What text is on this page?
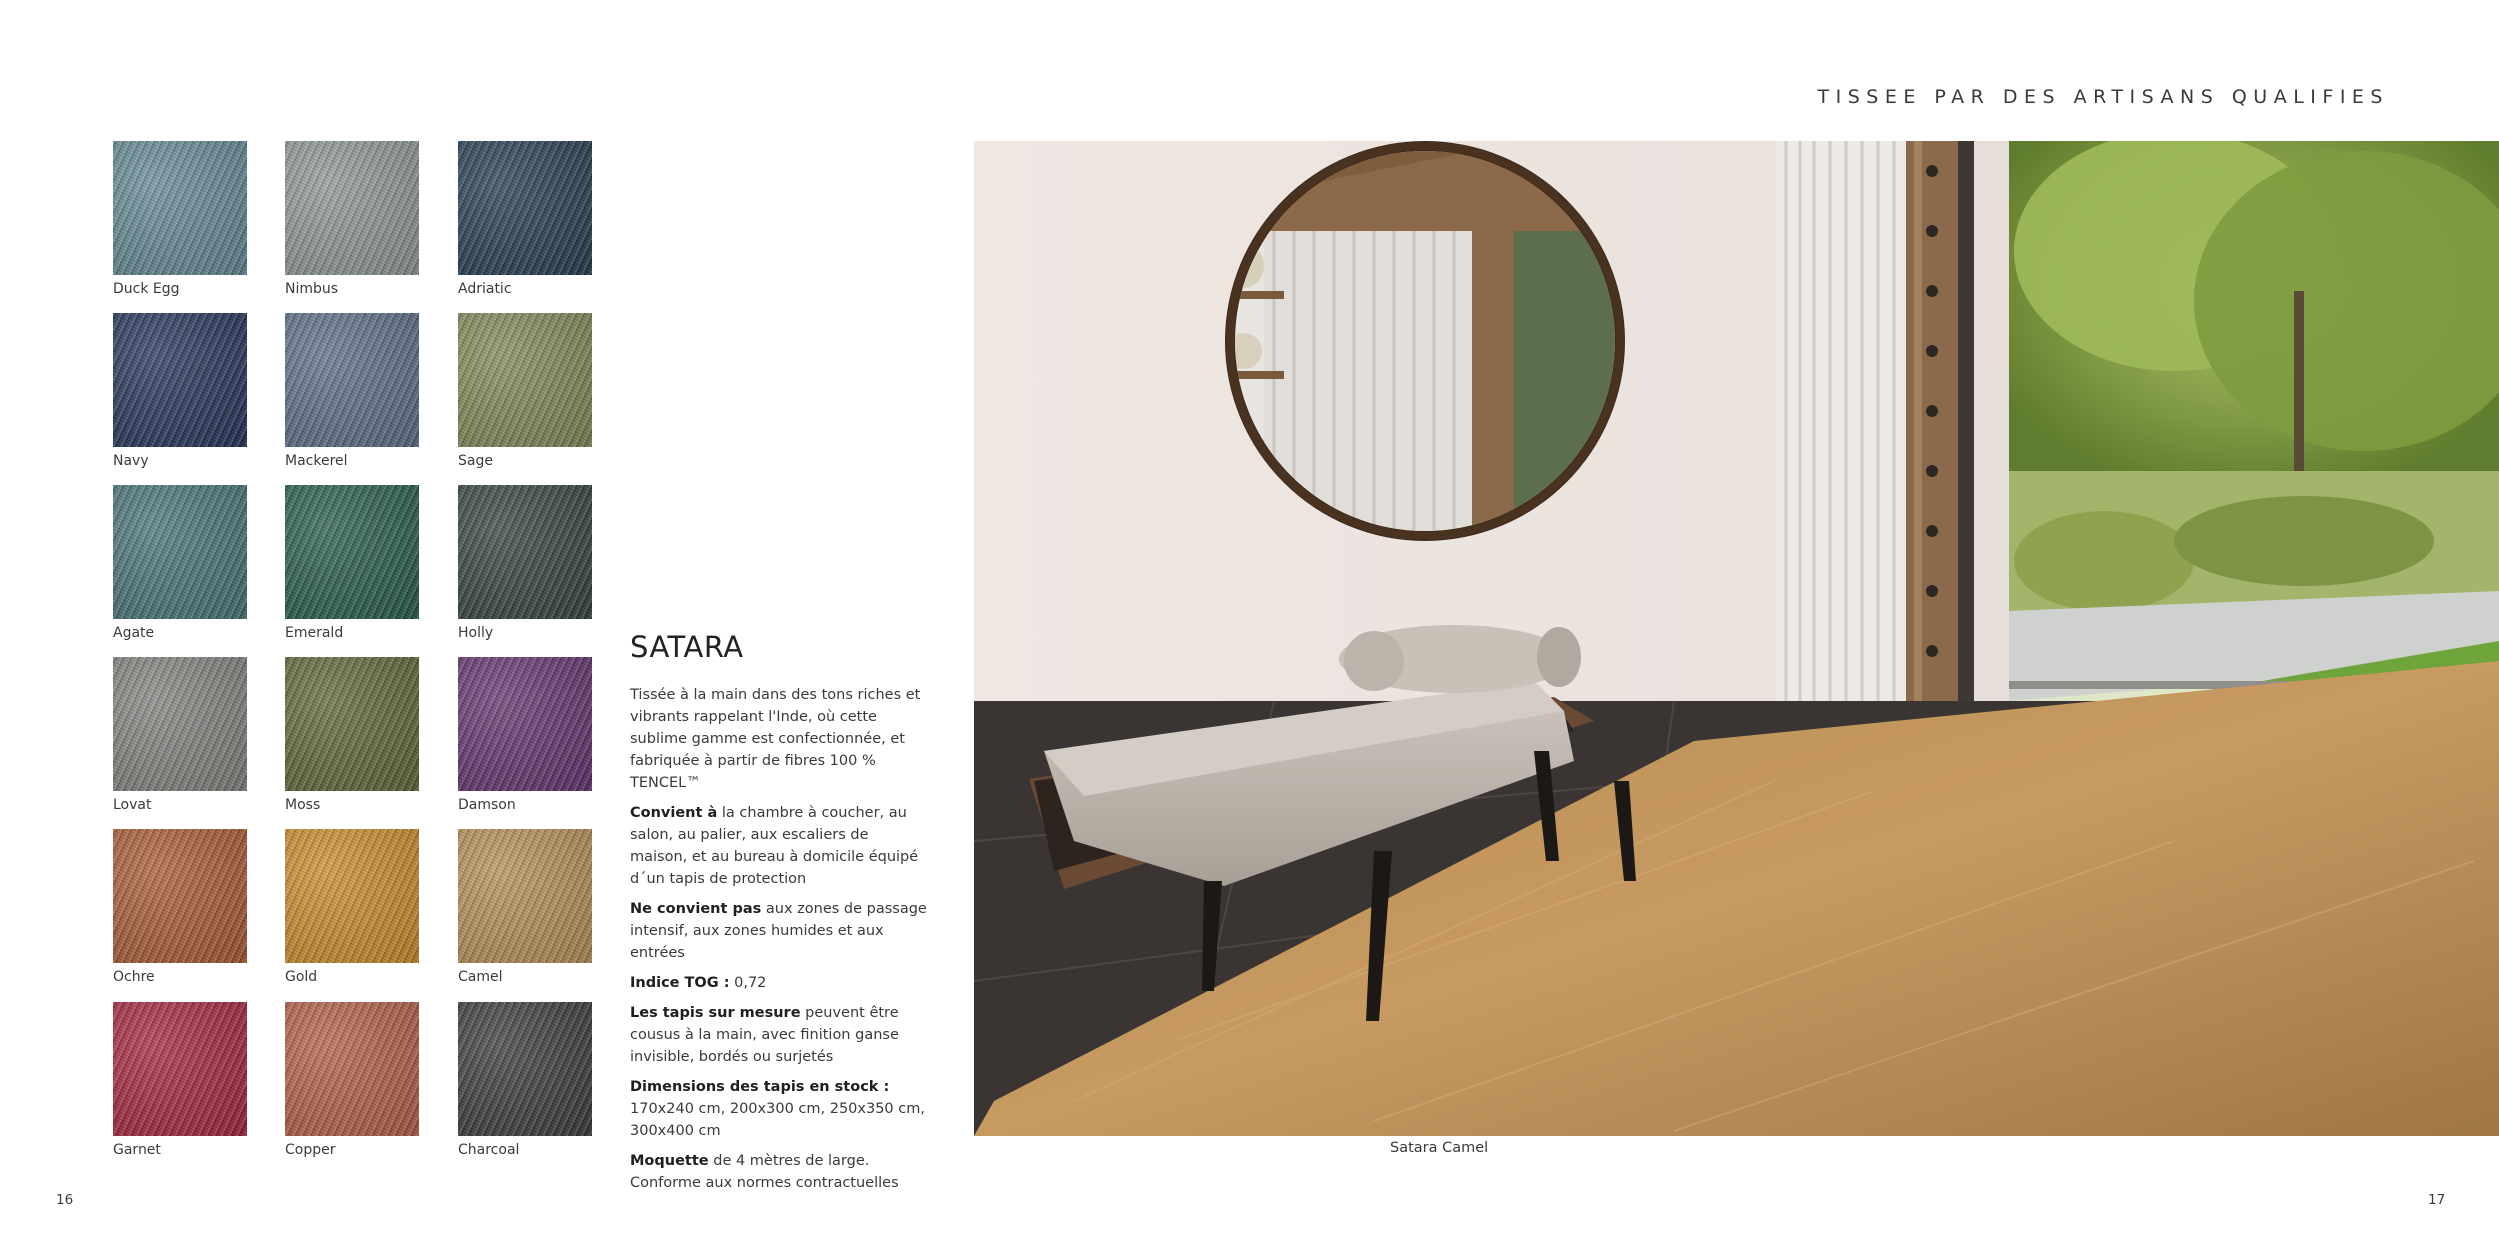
TISSEE PAR DES ARTISANS QUALIFIES
Duck Egg	Nimbus	Adriatic
Navy	Mackerel	Sage
Agate	Emerald	Holly
Lovat	Moss	Damson
Ochre	Gold	Camel
Garnet	Copper	Charcoal
SATARA

Tissée à la main dans des tons riches et vibrants rappelant l'Inde, où cette sublime gamme est confectionnée, et fabriquée à partir de fibres 100 % TENCEL™

Convient à la chambre à coucher, au salon, au palier, aux escaliers de maison, et au bureau à domicile équipé d´un tapis de protection

Ne convient pas aux zones de passage intensif, aux zones humides et aux entrées

Indice TOG : 0,72

Les tapis sur mesure peuvent être cousus à la main, avec finition ganse invisible, bordés ou surjetés

Dimensions des tapis en stock :
170x240 cm, 200x300 cm, 250x350 cm, 300x400 cm

Moquette de 4 mètres de large. Conforme aux normes contractuelles

Satara Camel
16	17
